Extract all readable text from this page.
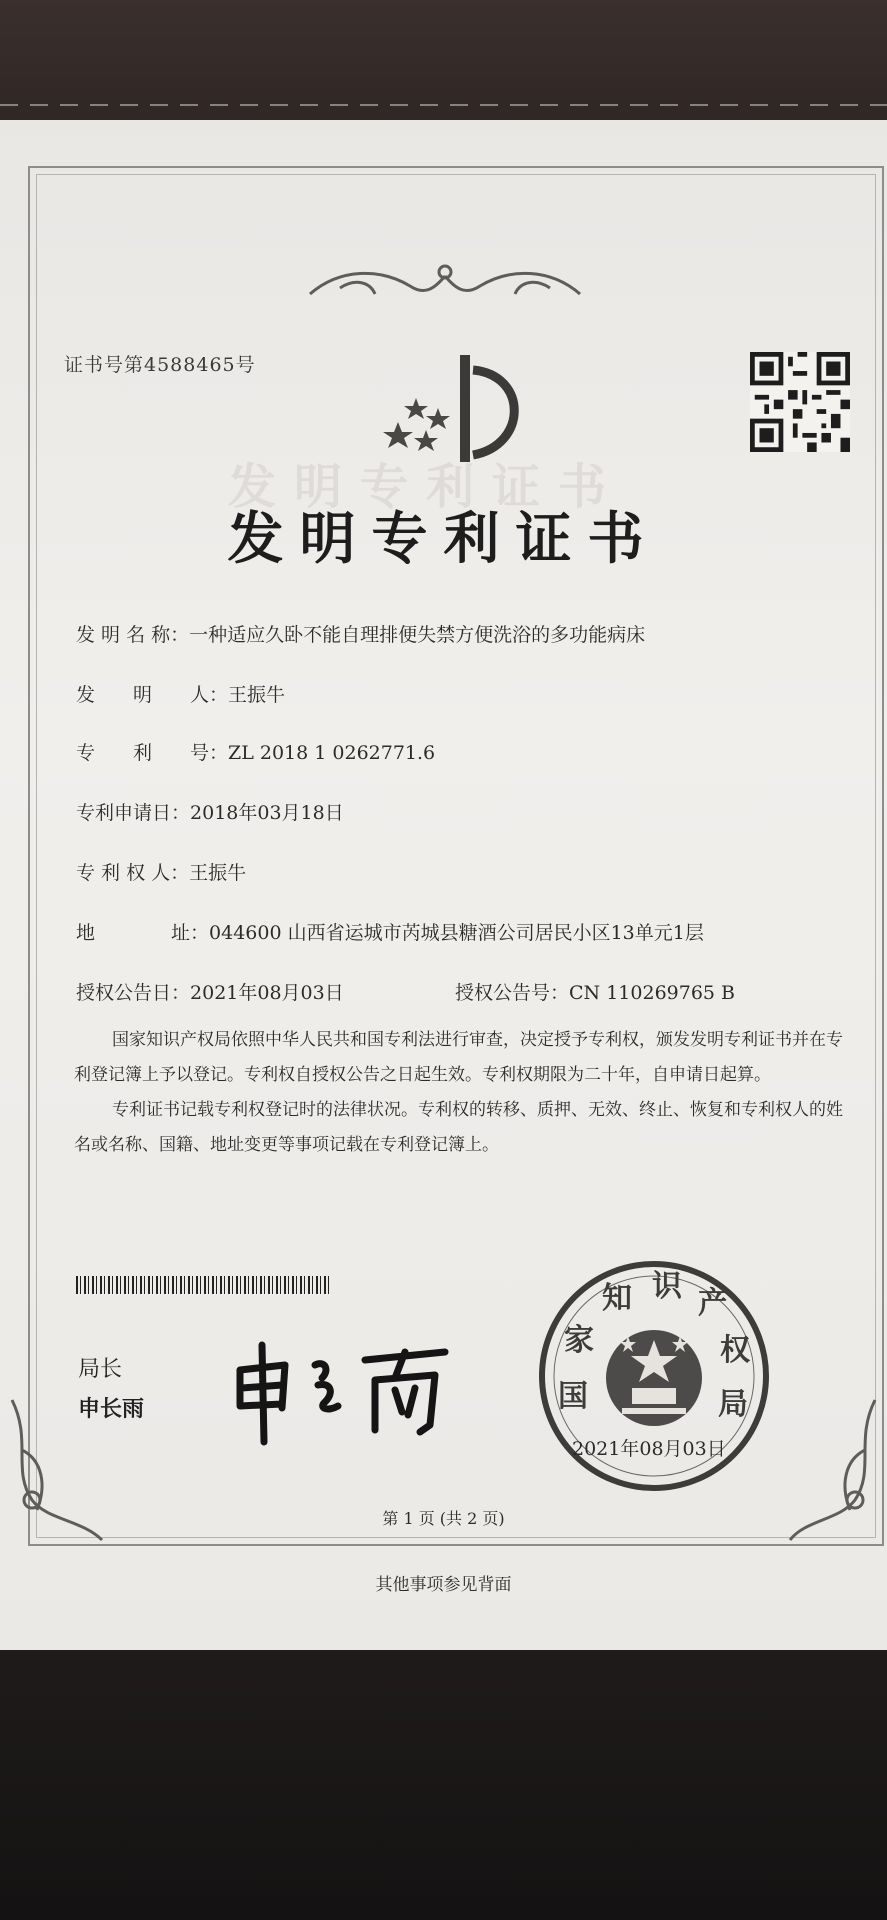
证书号第4588465号
发明专利证书
发明专利证书
发 明 名 称：一种适应久卧不能自理排便失禁方便洗浴的多功能病床
发　　明　　人：王振牛
专　　利　　号：ZL 2018 1 0262771.6
专利申请日：2018年03月18日
专 利 权 人：王振牛
地　　　　址：044600 山西省运城市芮城县糖酒公司居民小区13单元1层
授权公告日：2021年08月03日	授权公告号：CN 110269765 B

国家知识产权局依照中华人民共和国专利法进行审查，决定授予专利权，颁发发明专利证书并在专利登记簿上予以登记。专利权自授权公告之日起生效。专利权期限为二十年，自申请日起算。

专利证书记载专利权登记时的法律状况。专利权的转移、质押、无效、终止、恢复和专利权人的姓名或名称、国籍、地址变更等事项记载在专利登记簿上。

局长
申长雨	国
家
知 识 产
权
局
2021年08月03日
第 1 页 (共 2 页)
其他事项参见背面
